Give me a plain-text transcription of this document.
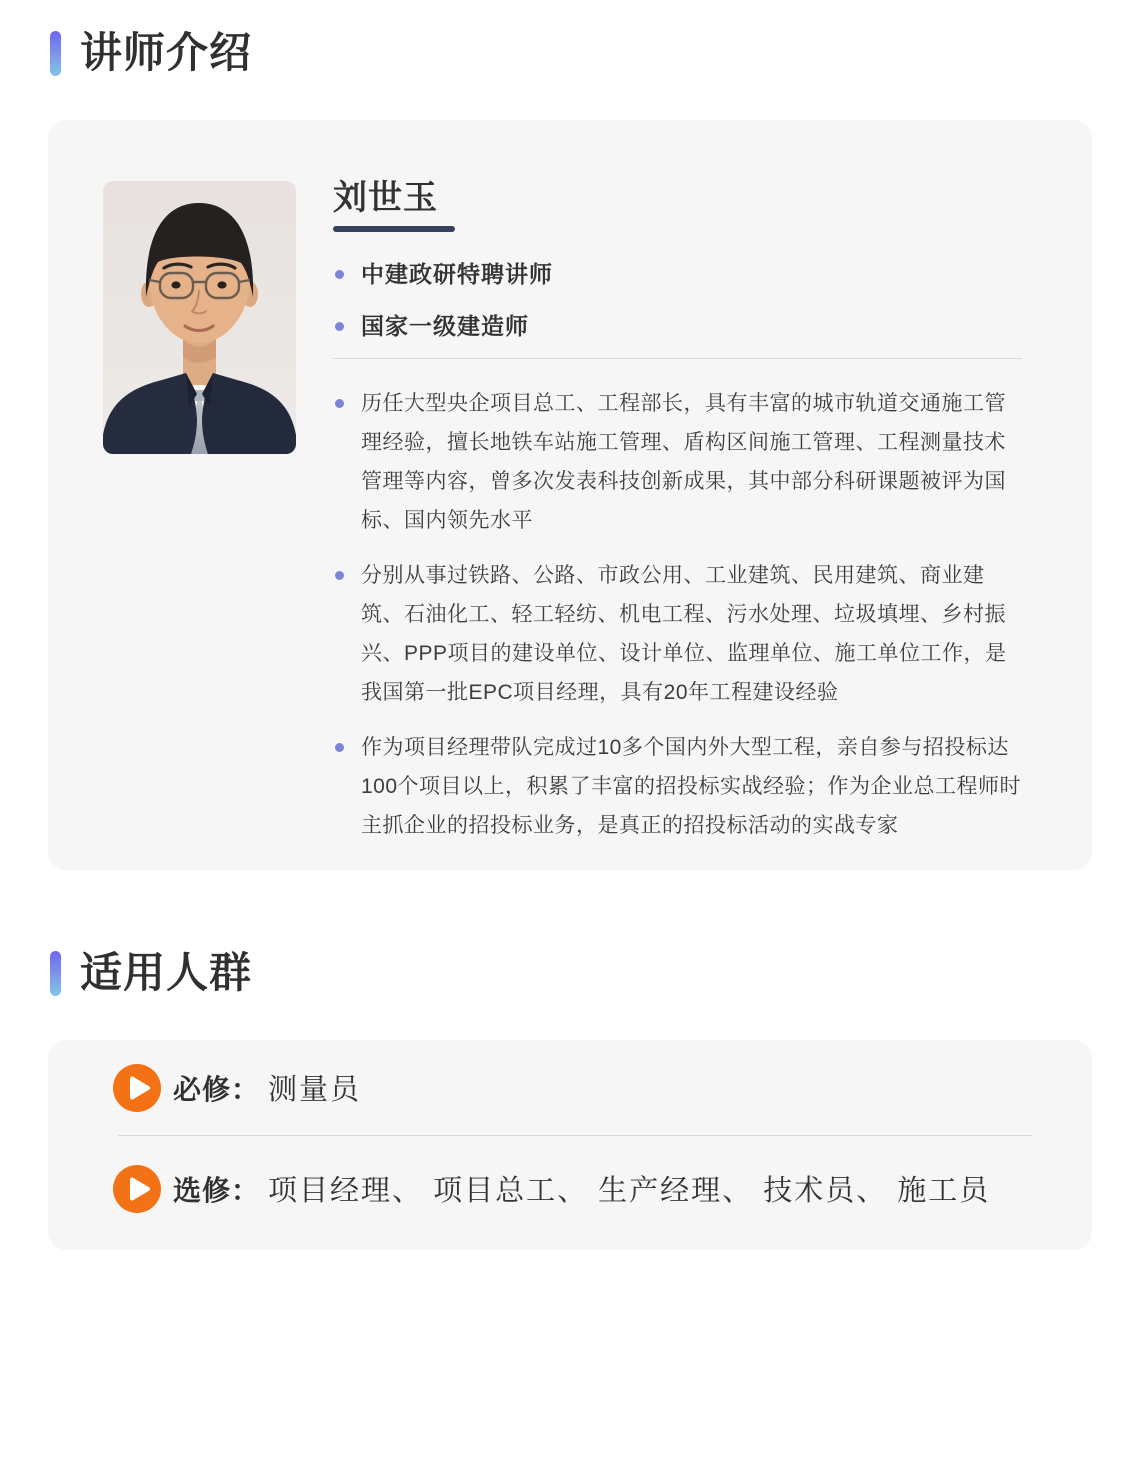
讲师介绍
刘世玉
中建政研特聘讲师
国家一级建造师
历任大型央企项目总工、工程部长，具有丰富的城市轨道交通施工管理经验，擅长地铁车站施工管理、盾构区间施工管理、工程测量技术管理等内容，曾多次发表科技创新成果，其中部分科研课题被评为国标、国内领先水平
分别从事过铁路、公路、市政公用、工业建筑、民用建筑、商业建筑、石油化工、轻工轻纺、机电工程、污水处理、垃圾填埋、乡村振兴、PPP项目的建设单位、设计单位、监理单位、施工单位工作，是我国第一批EPC项目经理，具有20年工程建设经验
作为项目经理带队完成过10多个国内外大型工程，亲自参与招投标达100个项目以上，积累了丰富的招投标实战经验；作为企业总工程师时主抓企业的招投标业务，是真正的招投标活动的实战专家
适用人群
必修： 测量员
选修： 项目经理、 项目总工、 生产经理、 技术员、 施工员
